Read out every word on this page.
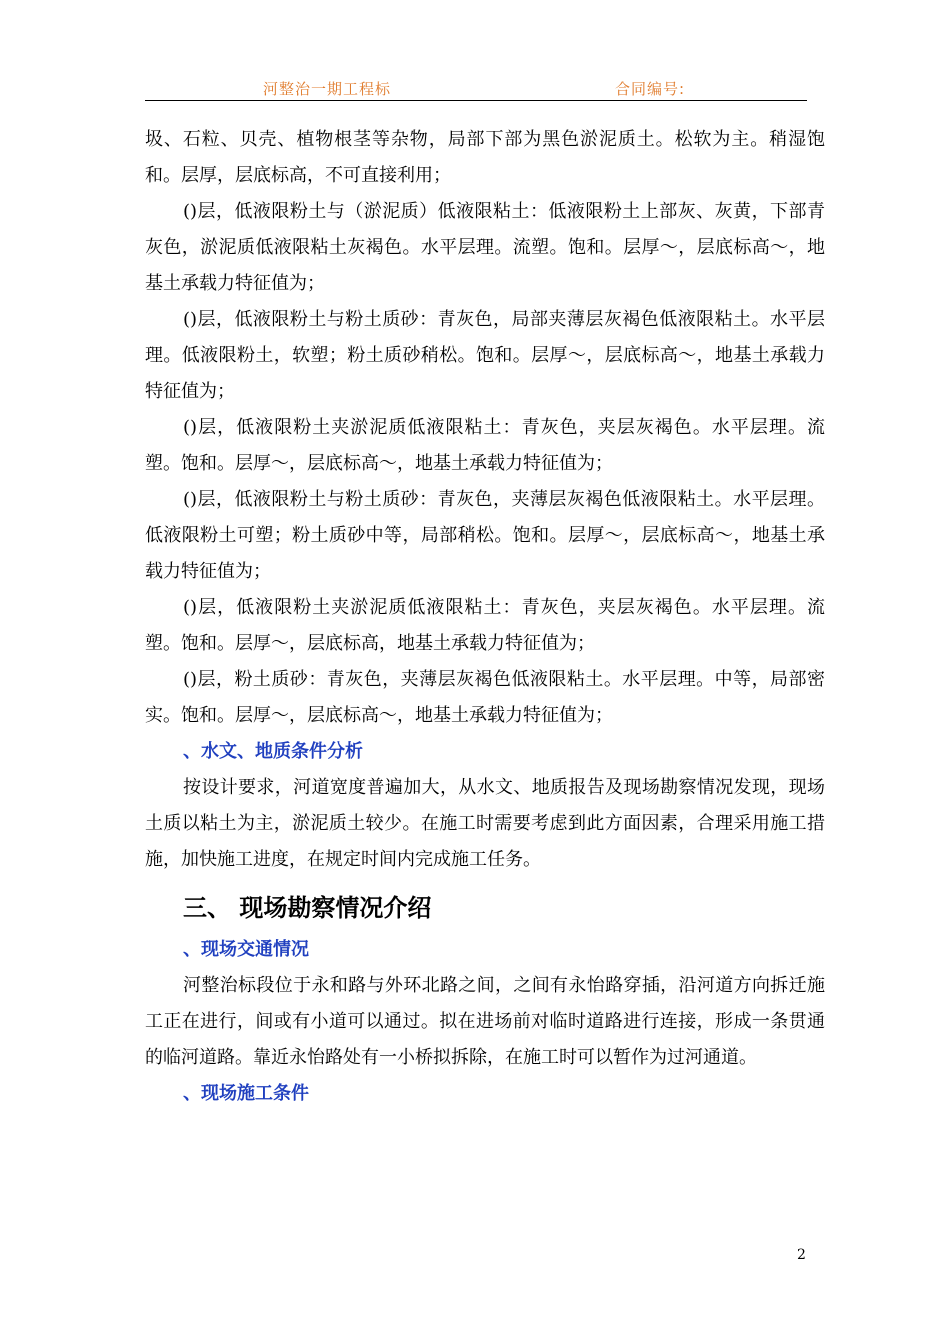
河整治一期工程标	合同编号:

圾、石粒、贝壳、植物根茎等杂物，局部下部为黑色淤泥质土。松软为主。稍湿饱和。层厚，层底标高，不可直接利用；

()层，低液限粉土与（淤泥质）低液限粘土：低液限粉土上部灰、灰黄，下部青灰色，淤泥质低液限粘土灰褐色。水平层理。流塑。饱和。层厚～，层底标高～，地基土承载力特征值为；

()层，低液限粉土与粉土质砂：青灰色，局部夹薄层灰褐色低液限粘土。水平层理。低液限粉土，软塑；粉土质砂稍松。饱和。层厚～，层底标高～，地基土承载力特征值为；

()层，低液限粉土夹淤泥质低液限粘土：青灰色，夹层灰褐色。水平层理。流塑。饱和。层厚～，层底标高～，地基土承载力特征值为；

()层，低液限粉土与粉土质砂：青灰色，夹薄层灰褐色低液限粘土。水平层理。低液限粉土可塑；粉土质砂中等，局部稍松。饱和。层厚～，层底标高～，地基土承载力特征值为；

()层，低液限粉土夹淤泥质低液限粘土：青灰色，夹层灰褐色。水平层理。流塑。饱和。层厚～，层底标高，地基土承载力特征值为；

()层，粉土质砂：青灰色，夹薄层灰褐色低液限粘土。水平层理。中等，局部密实。饱和。层厚～，层底标高～，地基土承载力特征值为；

、水文、地质条件分析

按设计要求，河道宽度普遍加大，从水文、地质报告及现场勘察情况发现，现场土质以粘土为主，淤泥质土较少。在施工时需要考虑到此方面因素，合理采用施工措施，加快施工进度，在规定时间内完成施工任务。

三、 现场勘察情况介绍
、现场交通情况

河整治标段位于永和路与外环北路之间，之间有永怡路穿插，沿河道方向拆迁施工正在进行，间或有小道可以通过。拟在进场前对临时道路进行连接，形成一条贯通的临河道路。靠近永怡路处有一小桥拟拆除，在施工时可以暂作为过河通道。

、现场施工条件
2
